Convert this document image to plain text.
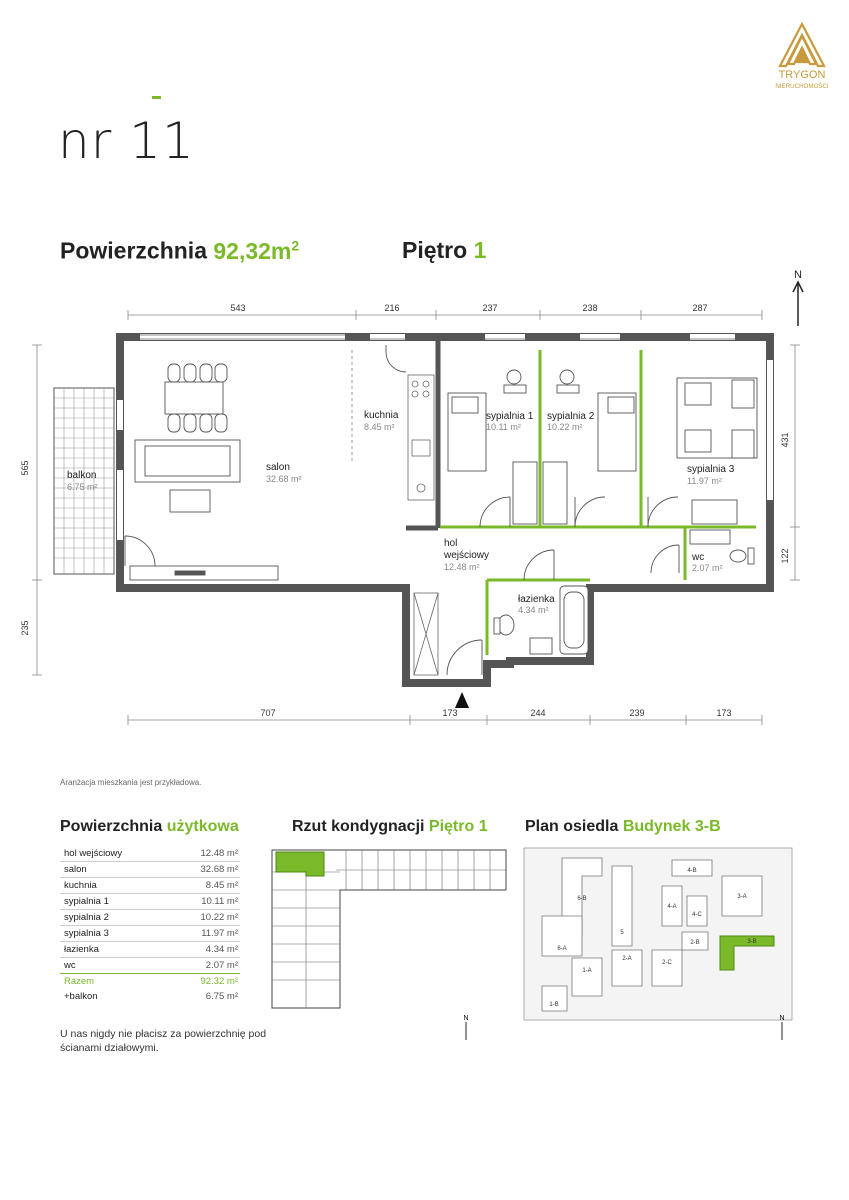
TRYGON
NIERUCHOMOŚCI
nr 11
Powierzchnia $92,32m^2$	Piętro 1
N
543	216	237	238	287
707	173	244	239	173
565
235
431
122
balkon
6.75 m²
salon
32.68 m²
kuchnia
8.45 m²
sypialnia 1
10.11 m²
sypialnia 2
10.22 m²
sypialnia 3
11.97 m²
hol
wejściowy
12.48 m²
łazienka
4.34 m²
wc
2.07 m²
Aranżacja mieszkania jest przykładowa.
Powierzchnia użytkowa	Rzut kondygnacji Piętro 1 Plan osiedla Budynek 3-B
hol wejściowy	12.48 m²
salon	32.68 m²
kuchnia	8.45 m²
sypialnia 1	10.11 m²
sypialnia 2	10.22 m²
sypialnia 3	11.97 m²
łazienka	4.34 m²
wc	2.07 m²
Razem	92.32 m²
+balkon	6.75 m²
U nas nigdy nie płacisz za powierzchnię pod ścianami działowymi.
6-B
5
4-B
4-A
4-C
3-A
6-A
2-B	3-B
1-A
2-A
2-C
1-B
N	N
